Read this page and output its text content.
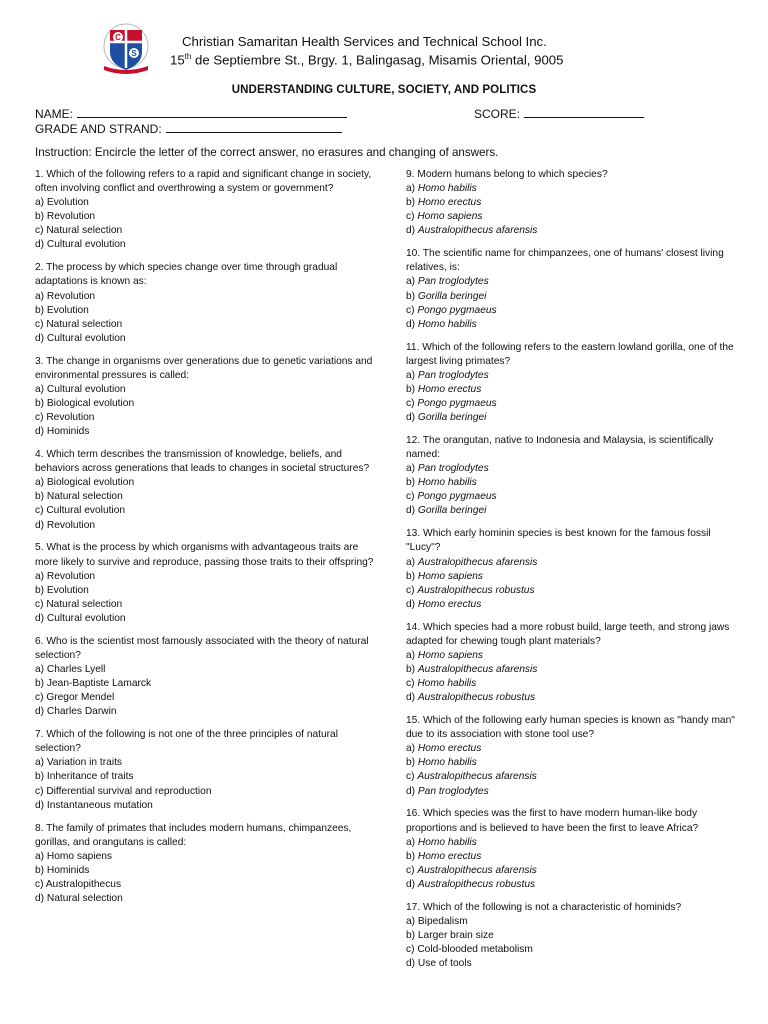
C
S
Christian Samaritan Health Services and Technical School Inc.
15th de Septiembre St., Brgy. 1, Balingasag, Misamis Oriental, 9005
UNDERSTANDING CULTURE, SOCIETY, AND POLITICS
NAME:	SCORE:
GRADE AND STRAND:
Instruction: Encircle the letter of the correct answer, no erasures and changing of answers.
1. Which of the following refers to a rapid and significant change in society, often involving conflict and overthrowing a system or government?
a) Evolution
b) Revolution
c) Natural selection
d) Cultural evolution
2. The process by which species change over time through gradual adaptations is known as:
a) Revolution
b) Evolution
c) Natural selection
d) Cultural evolution
3. The change in organisms over generations due to genetic variations and environmental pressures is called:
a) Cultural evolution
b) Biological evolution
c) Revolution
d) Hominids
4. Which term describes the transmission of knowledge, beliefs, and behaviors across generations that leads to changes in societal structures?
a) Biological evolution
b) Natural selection
c) Cultural evolution
d) Revolution
5. What is the process by which organisms with advantageous traits are more likely to survive and reproduce, passing those traits to their offspring?
a) Revolution
b) Evolution
c) Natural selection
d) Cultural evolution
6. Who is the scientist most famously associated with the theory of natural selection?
a) Charles Lyell
b) Jean-Baptiste Lamarck
c) Gregor Mendel
d) Charles Darwin
7. Which of the following is not one of the three principles of natural selection?
a) Variation in traits
b) Inheritance of traits
c) Differential survival and reproduction
d) Instantaneous mutation
8. The family of primates that includes modern humans, chimpanzees, gorillas, and orangutans is called:
a) Homo sapiens
b) Hominids
c) Australopithecus
d) Natural selection
9. Modern humans belong to which species?
a) Homo habilis
b) Homo erectus
c) Homo sapiens
d) Australopithecus afarensis
10. The scientific name for chimpanzees, one of humans' closest living relatives, is:
a) Pan troglodytes
b) Gorilla beringei
c) Pongo pygmaeus
d) Homo habilis
11. Which of the following refers to the eastern lowland gorilla, one of the largest living primates?
a) Pan troglodytes
b) Homo erectus
c) Pongo pygmaeus
d) Gorilla beringei
12. The orangutan, native to Indonesia and Malaysia, is scientifically named:
a) Pan troglodytes
b) Homo habilis
c) Pongo pygmaeus
d) Gorilla beringei
13. Which early hominin species is best known for the famous fossil "Lucy"?
a) Australopithecus afarensis
b) Homo sapiens
c) Australopithecus robustus
d) Homo erectus
14. Which species had a more robust build, large teeth, and strong jaws adapted for chewing tough plant materials?
a) Homo sapiens
b) Australopithecus afarensis
c) Homo habilis
d) Australopithecus robustus
15. Which of the following early human species is known as "handy man" due to its association with stone tool use?
a) Homo erectus
b) Homo habilis
c) Australopithecus afarensis
d) Pan troglodytes
16. Which species was the first to have modern human-like body proportions and is believed to have been the first to leave Africa?
a) Homo habilis
b) Homo erectus
c) Australopithecus afarensis
d) Australopithecus robustus
17. Which of the following is not a characteristic of hominids?
a) Bipedalism
b) Larger brain size
c) Cold-blooded metabolism
d) Use of tools
